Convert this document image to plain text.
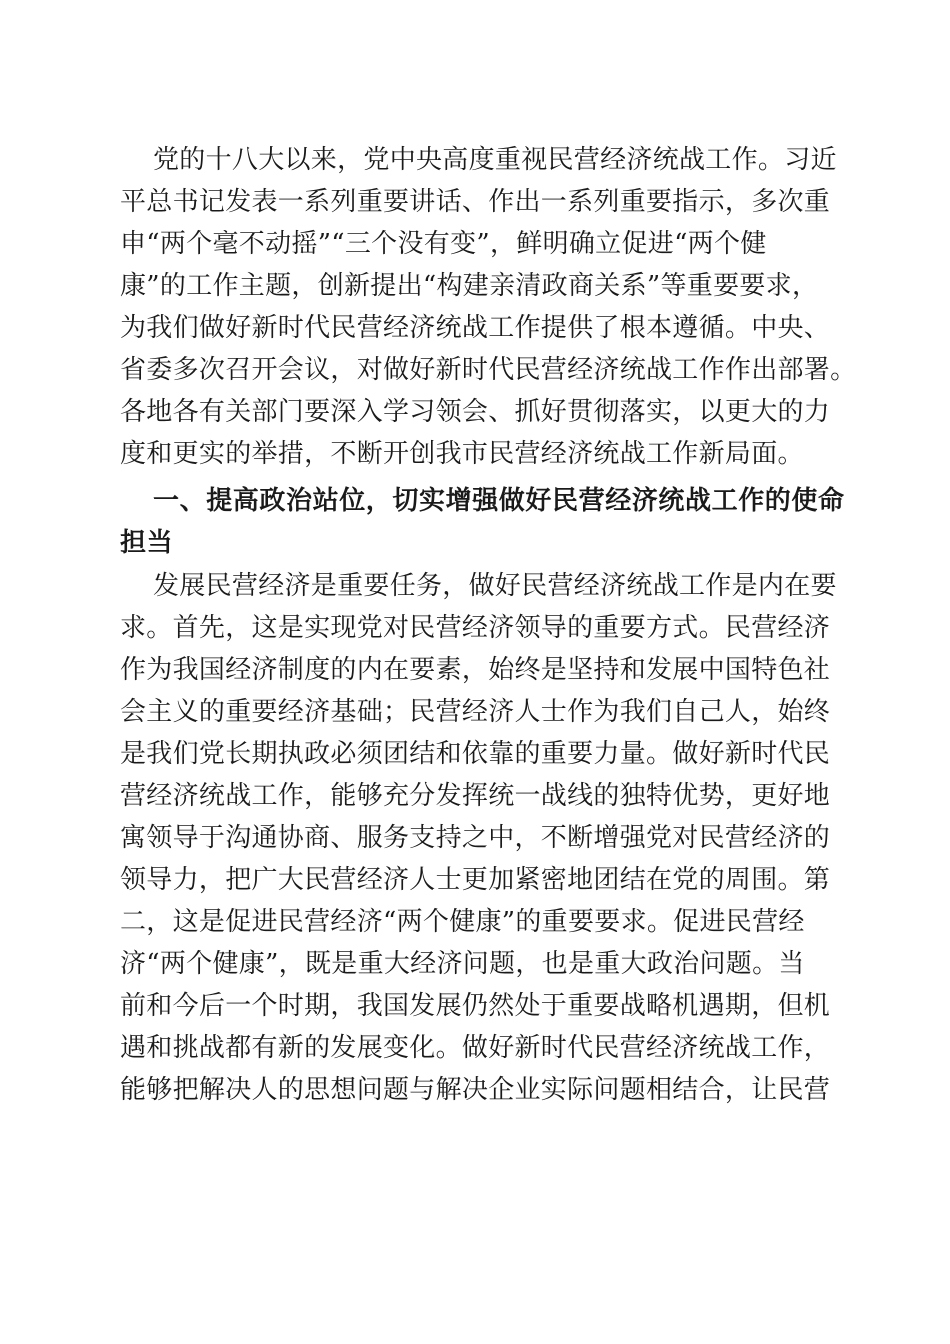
党的十八大以来，党中央高度重视民营经济统战工作。习近
平总书记发表一系列重要讲话、作出一系列重要指示，多次重
申“两个毫不动摇”“三个没有变”，鲜明确立促进“两个健
康”的工作主题，创新提出“构建亲清政商关系”等重要要求，
为我们做好新时代民营经济统战工作提供了根本遵循。中央、
省委多次召开会议，对做好新时代民营经济统战工作作出部署。
各地各有关部门要深入学习领会、抓好贯彻落实，以更大的力
度和更实的举措，不断开创我市民营经济统战工作新局面。
一、提高政治站位，切实增强做好民营经济统战工作的使命
担当
发展民营经济是重要任务，做好民营经济统战工作是内在要
求。首先，这是实现党对民营经济领导的重要方式。民营经济
作为我国经济制度的内在要素，始终是坚持和发展中国特色社
会主义的重要经济基础；民营经济人士作为我们自己人，始终
是我们党长期执政必须团结和依靠的重要力量。做好新时代民
营经济统战工作，能够充分发挥统一战线的独特优势，更好地
寓领导于沟通协商、服务支持之中，不断增强党对民营经济的
领导力，把广大民营经济人士更加紧密地团结在党的周围。第
二，这是促进民营经济“两个健康”的重要要求。促进民营经
济“两个健康”，既是重大经济问题，也是重大政治问题。当
前和今后一个时期，我国发展仍然处于重要战略机遇期，但机
遇和挑战都有新的发展变化。做好新时代民营经济统战工作，
能够把解决人的思想问题与解决企业实际问题相结合，让民营
